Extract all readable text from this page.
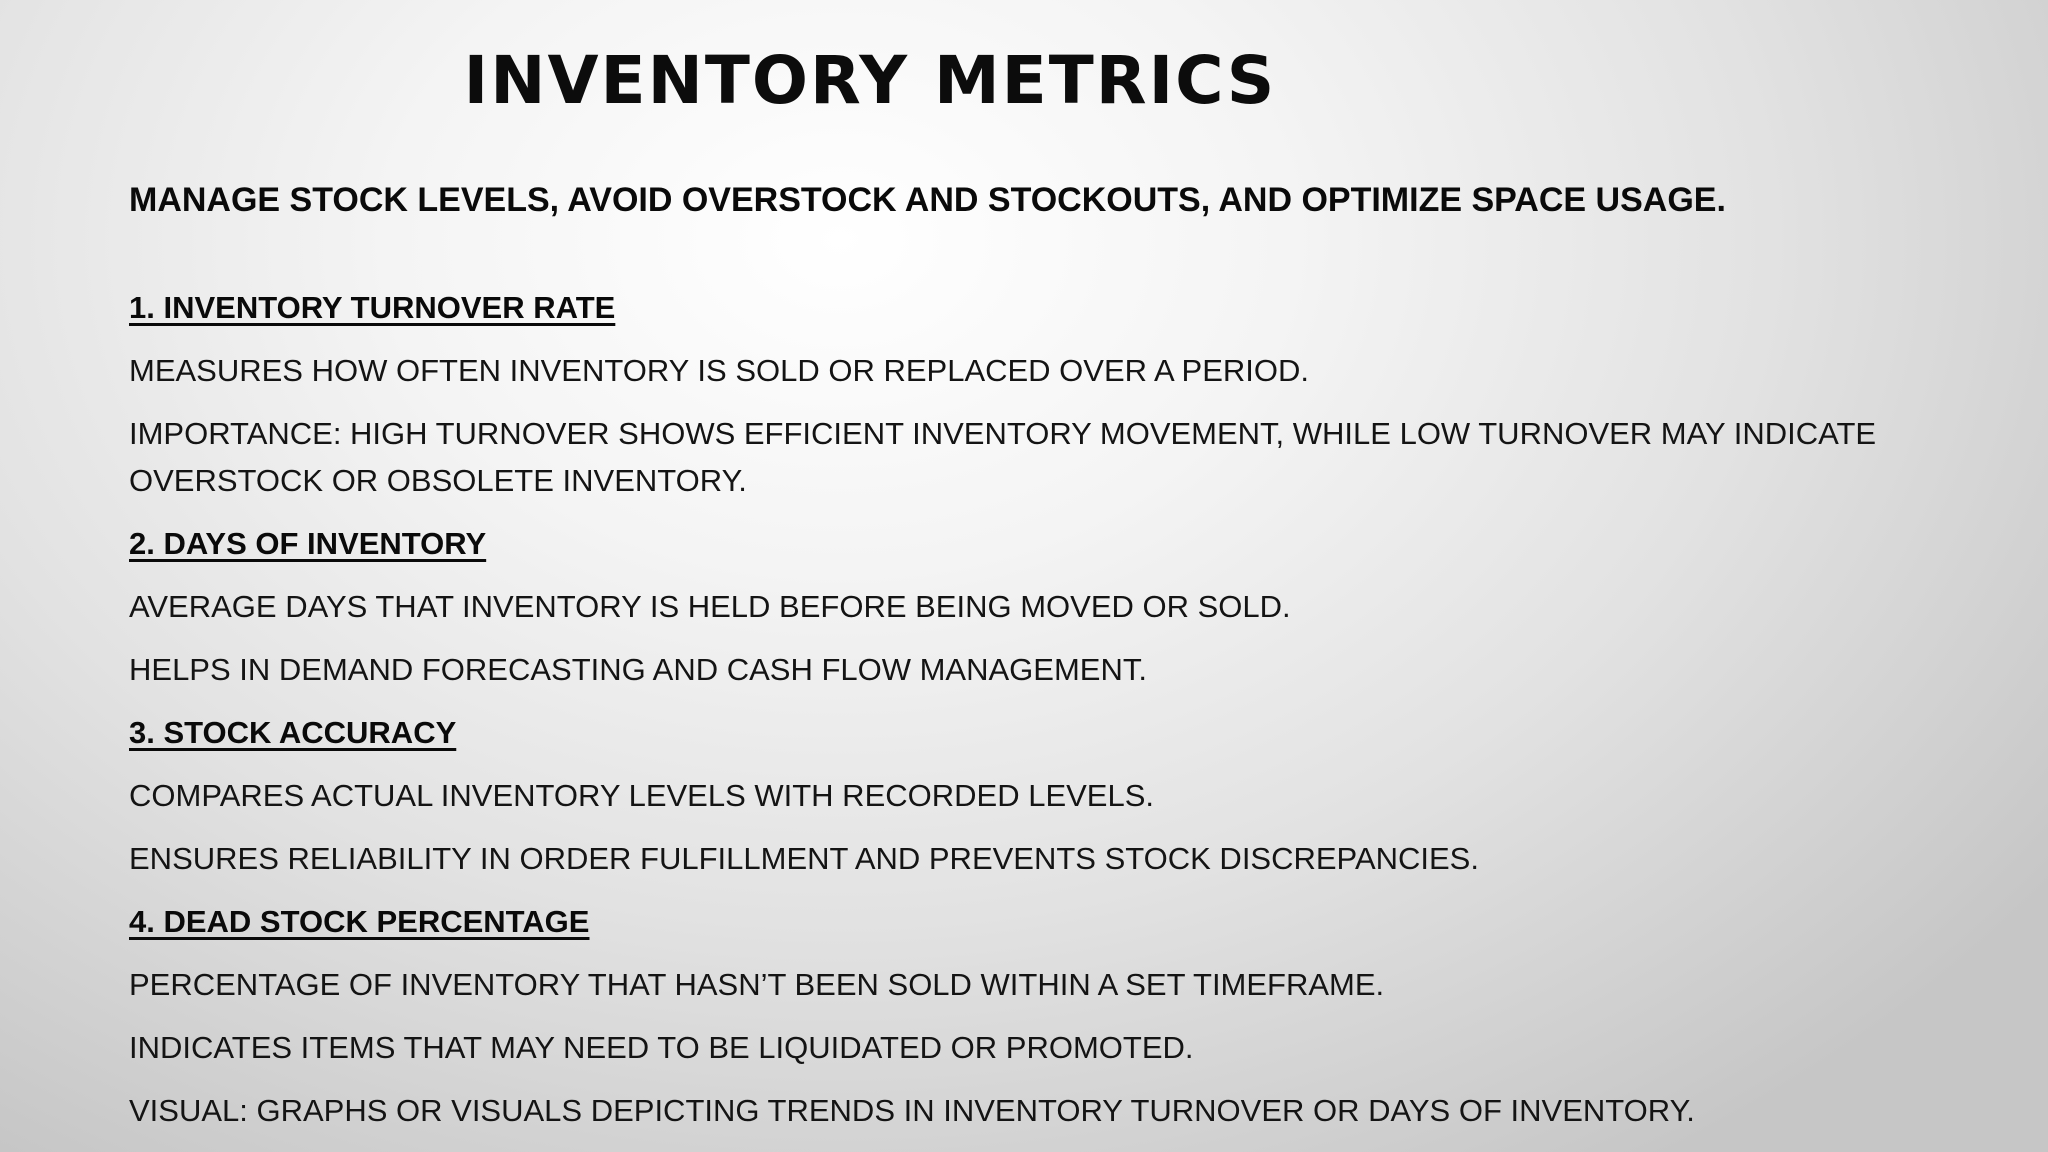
INVENTORY METRICS

MANAGE STOCK LEVELS, AVOID OVERSTOCK AND STOCKOUTS, AND OPTIMIZE SPACE USAGE.

1. INVENTORY TURNOVER RATE

MEASURES HOW OFTEN INVENTORY IS SOLD OR REPLACED OVER A PERIOD.

IMPORTANCE: HIGH TURNOVER SHOWS EFFICIENT INVENTORY MOVEMENT, WHILE LOW TURNOVER MAY INDICATE OVERSTOCK OR OBSOLETE INVENTORY.

2. DAYS OF INVENTORY

AVERAGE DAYS THAT INVENTORY IS HELD BEFORE BEING MOVED OR SOLD.

HELPS IN DEMAND FORECASTING AND CASH FLOW MANAGEMENT.

3. STOCK ACCURACY

COMPARES ACTUAL INVENTORY LEVELS WITH RECORDED LEVELS.

ENSURES RELIABILITY IN ORDER FULFILLMENT AND PREVENTS STOCK DISCREPANCIES.

4. DEAD STOCK PERCENTAGE

PERCENTAGE OF INVENTORY THAT HASN’T BEEN SOLD WITHIN A SET TIMEFRAME.

INDICATES ITEMS THAT MAY NEED TO BE LIQUIDATED OR PROMOTED.

VISUAL: GRAPHS OR VISUALS DEPICTING TRENDS IN INVENTORY TURNOVER OR DAYS OF INVENTORY.
